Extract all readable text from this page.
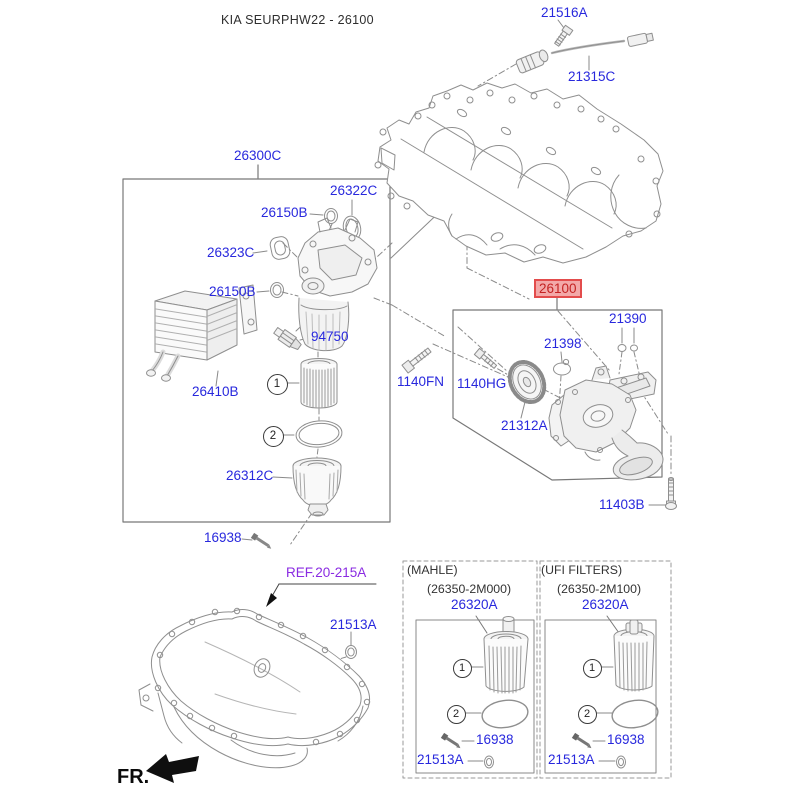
KIA SEURPHW22 - 26100	21516A
21315C
26300C
26322C
26150B
26323C
26150B
94750
26410B
26312C
16938
26100
21390
21398
1140FN 1140HG
21312A
11403B
REF.20-215A
21513A
1
2
(MAHLE)
(26350-2M000)
26320A
(UFI FILTERS)
(26350-2M100)
26320A
1
2
16938
21513A
1
2
16938
21513A
FR.
